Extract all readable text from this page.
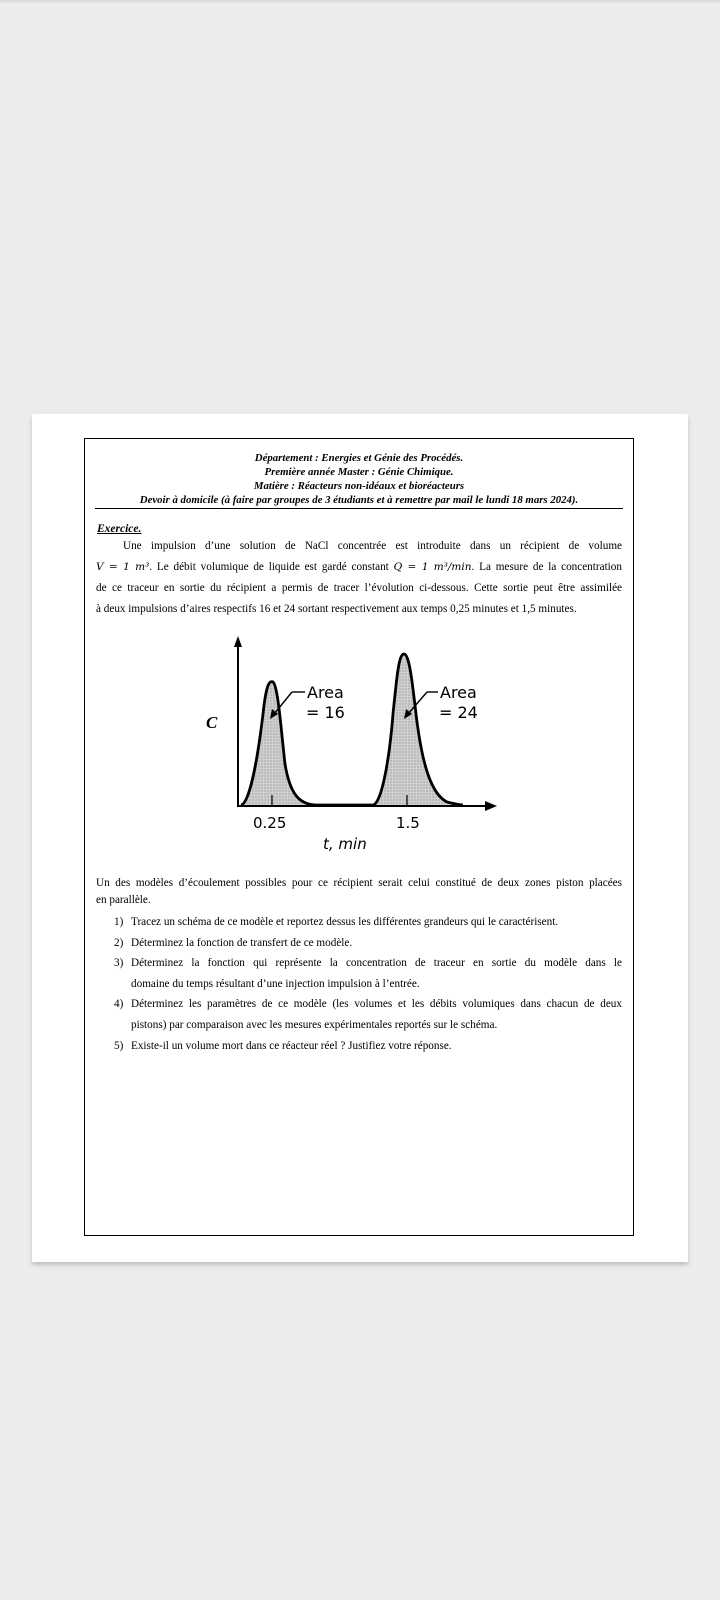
Département : Energies et Génie des Procédés.
Première année Master : Génie Chimique.
Matière : Réacteurs non-idéaux et bioréacteurs
Devoir à domicile (à faire par groupes de 3 étudiants et à remettre par mail le lundi 18 mars 2024).
Exercice.
Une impulsion d’une solution de NaCl concentrée est introduite dans un récipient de volume
V = 1 m³. Le débit volumique de liquide est gardé constant Q = 1 m³/min. La mesure de la concentration
de ce traceur en sortie du récipient a permis de tracer l’évolution ci-dessous. Cette sortie peut être assimilée
à deux impulsions d’aires respectifs 16 et 24 sortant respectivement aux temps 0,25 minutes et 1,5 minutes.
Area
= 16
Area
= 24
C
0.25	1.5
t, min
Un des modèles d’écoulement possibles pour ce récipient serait celui constitué de deux zones piston placées
en parallèle.
1) Tracez un schéma de ce modèle et reportez dessus les différentes grandeurs qui le caractérisent.
2) Déterminez la fonction de transfert de ce modèle.
3) Déterminez la fonction qui représente la concentration de traceur en sortie du modèle dans le
domaine du temps résultant d’une injection impulsion à l’entrée.
4) Déterminez les paramètres de ce modèle (les volumes et les débits volumiques dans chacun de deux
pistons) par comparaison avec les mesures expérimentales reportés sur le schéma.
5) Existe-il un volume mort dans ce réacteur réel ? Justifiez votre réponse.
